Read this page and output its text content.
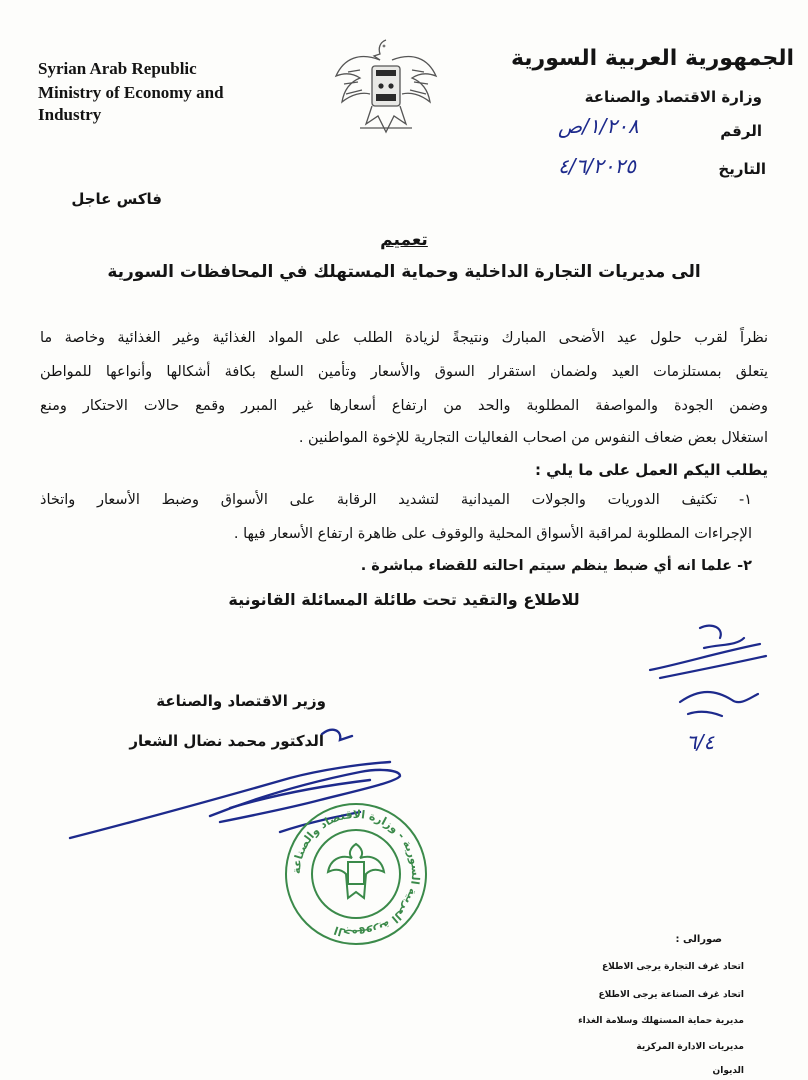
Syrian Arab Republic
Ministry of Economy and
Industry
الجمهورية العربية السورية
وزارة الاقتصاد والصناعة
الرقم
١/٢٠٨/ص
التاريخ
٤/٦/٢٠٢٥
فاكس عاجل
تعميم
الى مديريات التجارة الداخلية وحماية المستهلك في المحافظات السورية
نظراً لقرب حلول عيد الأضحى المبارك ونتيجةً لزيادة الطلب على المواد الغذائية وغير الغذائية وخاصة ما
يتعلق بمستلزمات العيد ولضمان استقرار السوق والأسعار وتأمين السلع بكافة أشكالها وأنواعها للمواطن
وضمن الجودة والمواصفة المطلوبة والحد من ارتفاع أسعارها غير المبرر وقمع حالات الاحتكار ومنع
استغلال بعض ضعاف النفوس من اصحاب الفعاليات التجارية للإخوة المواطنين .
يطلب اليكم العمل على ما يلي :
١- تكثيف الدوريات والجولات الميدانية لتشديد الرقابة على الأسواق وضبط الأسعار واتخاذ
الإجراءات المطلوبة لمراقبة الأسواق المحلية والوقوف على ظاهرة ارتفاع الأسعار فيها .
٢- علما انه أي ضبط ينظم سيتم احالته للقضاء مباشرة .
للاطلاع والتقيد تحت طائلة المسائلة القانونية
٦/٤
وزير الاقتصاد والصناعة
الدكتور محمد نضال الشعار
الجمهورية العربية السورية - وزارة الاقتصاد والصناعة
صورالى :
اتحاد غرف التجارة يرجى الاطلاع
اتحاد غرف الصناعة يرجى الاطلاع
مديرية حماية المستهلك وسلامة الغذاء
مديريات الادارة المركزية
الديوان
